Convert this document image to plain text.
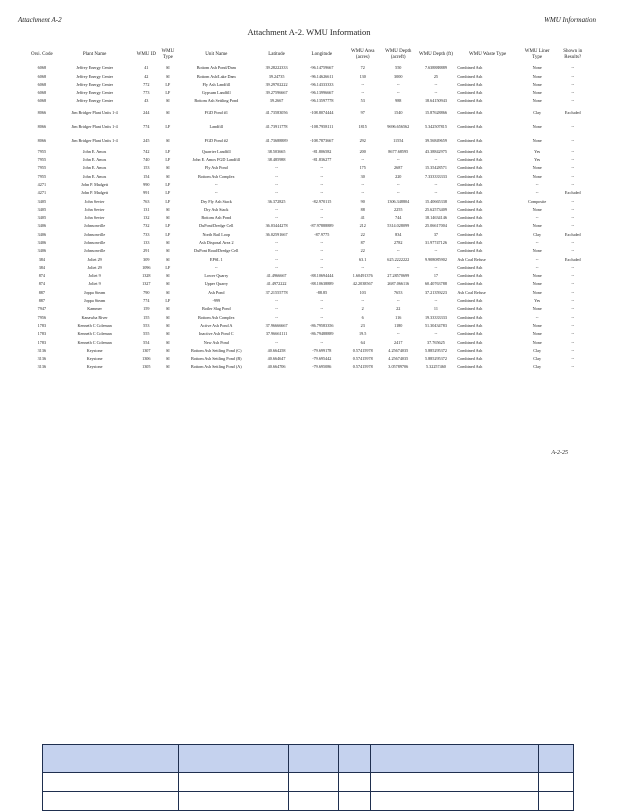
Attachment A-2	WMU Information
Attachment A-2. WMU Information
Orsi. Code	Plant Name	WMU ID	WMU Type	Unit Name	Latitude	Longitude	WMU Area (acres)	WMU Depth (acreft)	WMU Depth (ft)	WMU Waste Type	WMU Liner Type	Shown in Results?
6068	Jeffrey Energy Center	41	SI	Bottom Ash Pond/Dam	39.28222333	-96.14759667	72	550	7.638888889	Combined Ash	None	--
6068	Jeffrey Energy Center	42	SI	Bottom Ash/Lake Dam	39.24735	-96.14626611	130	3000	25	Combined Ash	None	--
6068	Jeffrey Energy Center	772	LF	Fly Ash Landfill	39.29702222	-96.14333333	--	--	--	Combined Ash	None	--
6068	Jeffrey Energy Center	773	LF	Gypsum Landfill	39.27596667	-96.13996667	--	--	--	Combined Ash	None	--
6068	Jeffrey Energy Center	43	SI	Bottom Ash Settling Pond	39.2667	-96.13597778	53	988	18.64150943	Combined Ash	None	--
8066	Jim Bridger Plant Units 1-4	244	SI	FGD Pond #1	41.73583056	-108.8074444	97	1540	15.87628866	Combined Ash	Clay	Excluded
8066	Jim Bridger Plant Units 1-4	774	LF	Landfill	41.73911778	-108.7958111	1815	9696.656562	5.342507815	Combined Ash	None	--
8066	Jim Bridger Plant Units 1-4	245	SI	FGD Pond #2	41.73688889	-108.7873667	292	11554	39.56849659	Combined Ash	None	--
7955	John E. Amos	742	LF	Quarrier Landfill	38.503665	-81.806582	200	8677.68595	43.38842975	Combined Ash	Yes	--
7955	John E. Amos	740	LF	John E. Amos FGD Landfill	38.485988	-81.836277	--	--	--	Combined Ash	Yes	--
7955	John E. Amos	153	SI	Fly Ash Pond	--	--	175	2687	15.35428571	Combined Ash	None	--
7955	John E. Amos	154	SI	Bottom Ash Complex	--	--	30	220	7.333333333	Combined Ash	None	--
4271	John P. Madgett	990	LF	--	--	--	--	--	--	Combined Ash	--	--
4271	John P. Madgett	991	LF	--	--	--	--	--	--	Combined Ash	--	Excluded
3405	John Sevier	763	LF	Dry Fly Ash Stack	36.372825	-82.970115	90	1306.348804	15.40665338	Combined Ash	Composite	--
3405	John Sevier	131	SI	Dry Ash Stack	--	--	88	2255	25.62573409	Combined Ash	None	--
3405	John Sevier	132	SI	Bottom Ash Pond	--	--	41	744	18.14634146	Combined Ash	--	--
3406	Johnsonville	732	LF	DuPont/Dredge Cell	36.03444278	-87.97888889	212	5314.028099	25.06617004	Combined Ash	None	--
3406	Johnsonville	733	LF	North Rail Loop	36.02591667	-87.9775	22	834	37	Combined Ash	Clay	Excluded
3406	Johnsonville	133	SI	Ash Disposal Area 2	--	--	87	2782	31.97747126	Combined Ash	--	--
3406	Johnsonville	291	SI	DuPont Road/Dredge Cell	--	--	22	--	--	Combined Ash	None	--
384	Joliet 29	309	SI	EPSL 1	--	--	63.1	625.2222222	9.908085902	Ash Coal Refuse	--	Excluded
384	Joliet 29	1096	LF	--	--	--	--	--	--	Combined Ash	--	--
874	Joliet 9	1328	SI	Lower Quarry	41.4966667	-88.10694444	1.60491376	27.28570699	17	Combined Ash	None	--
874	Joliet 9	1327	SI	Upper Quarry	41.4972222	-88.10638889	42.2038567	2687.066116	60.40763788	Combined Ash	None	--
887	Joppa Steam	790	SI	Ash Pond	37.21555778	-88.85	103	7653	37.21359223	Ash Coal Refuse	None	--
887	Joppa Steam	774	LF	-999	--	--	--	--	--	Combined Ash	Yes	--
7947	Kammer	159	SI	Boiler Slag Pond	--	--	2	22	11	Combined Ash	None	--
7956	Kanawha River	155	SI	Bottom Ash Complex	--	--	6	116	19.33333333	Combined Ash	--	--
1783	Kenneth C Coleman	553	SI	Active Ash Pond A	37.96666667	-86.79583356	23	1180	51.30434783	Combined Ash	None	--
1783	Kenneth C Coleman	555	SI	Inactive Ash Pond C	37.96661111	-86.79488889	19.5	--	--	Combined Ash	None	--
1783	Kenneth C Coleman	554	SI	New Ash Pond	--	--	64	2417	37.765625	Combined Ash	None	--
3136	Keystone	1307	SI	Bottom Ash Settling Pond (C)	40.664258	-79.699178	0.57415978	4.25674035	5.885295372	Combined Ash	Clay	--
3136	Keystone	1306	SI	Bottom Ash Settling Pond (B)	40.664647	-79.695442	0.57415978	4.25674035	5.885295372	Combined Ash	Clay	--
3136	Keystone	1305	SI	Bottom Ash Settling Pond (A)	40.664706	-79.695086	0.57415978	3.05789706	5.32257460	Combined Ash	Clay	--
A-2-25
